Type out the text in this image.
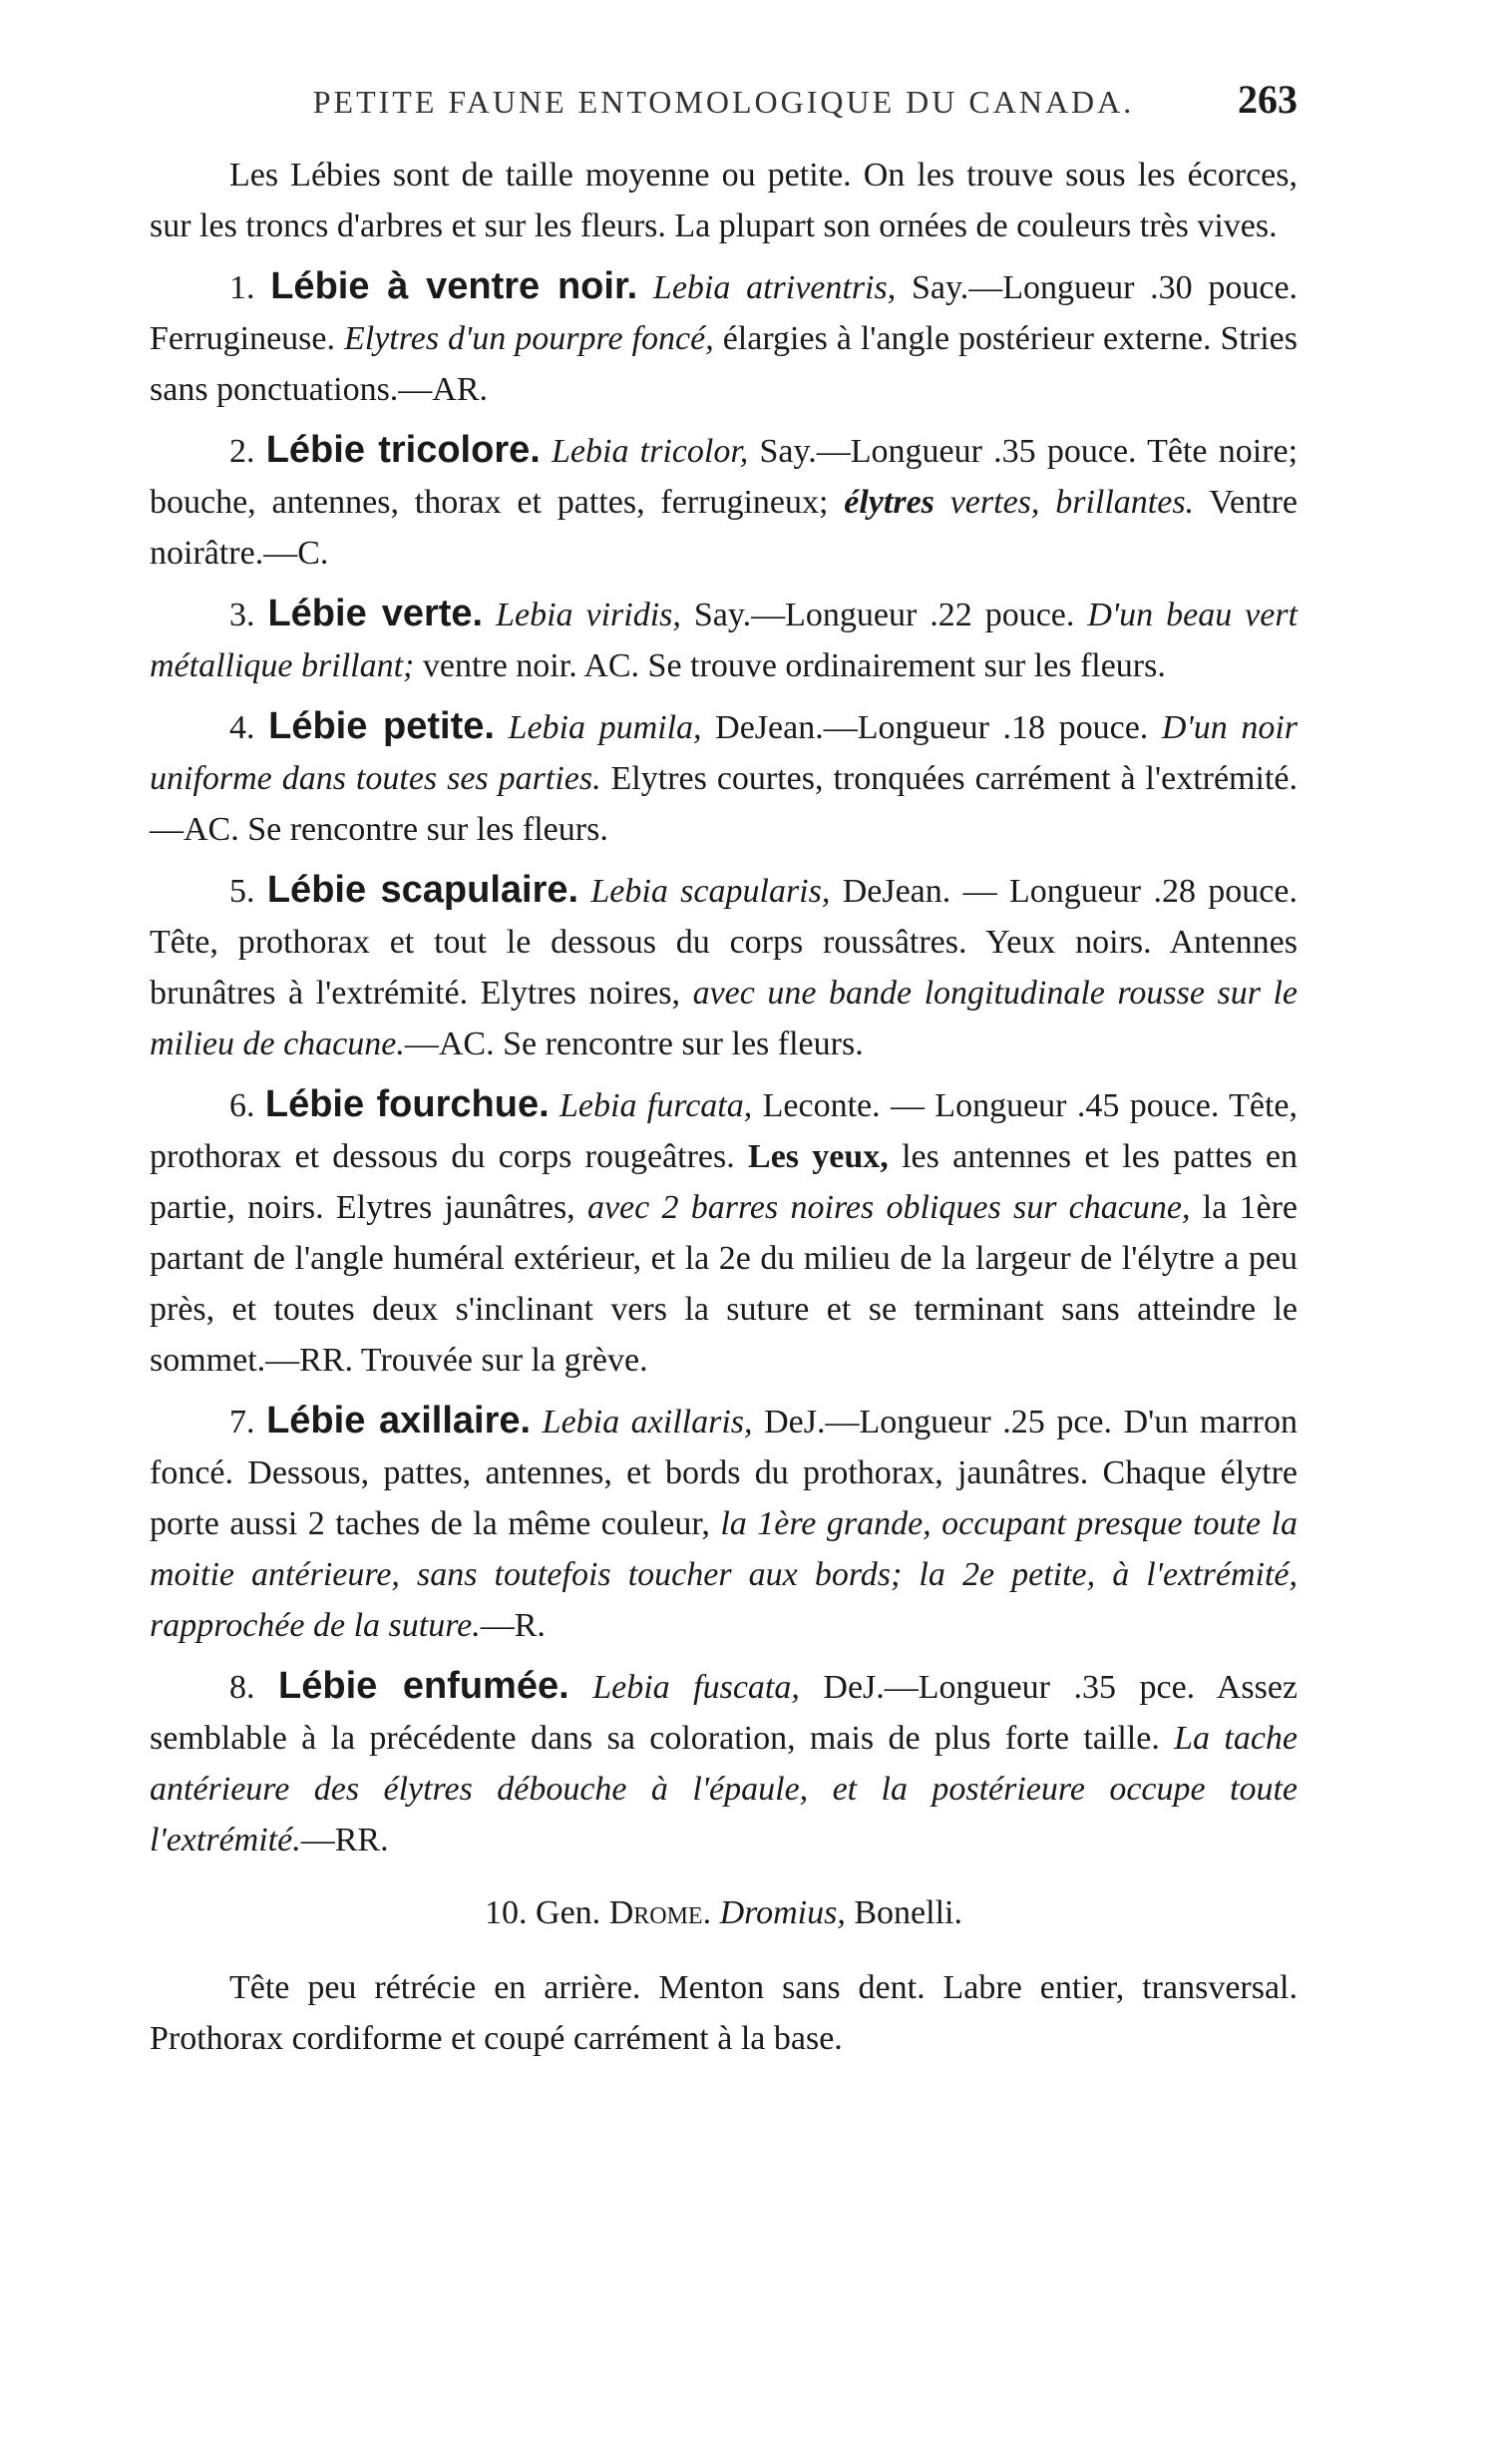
PETITE FAUNE ENTOMOLOGIQUE DU CANADA.	263

Les Lébies sont de taille moyenne ou petite. On les trouve sous les écorces, sur les troncs d'arbres et sur les fleurs. La plupart son ornées de couleurs très vives.

1. Lébie à ventre noir. Lebia atriventris, Say.—Longueur .30 pouce. Ferrugineuse. Elytres d'un pourpre foncé, élargies à l'angle postérieur externe. Stries sans ponctuations.—AR.

2. Lébie tricolore. Lebia tricolor, Say.—Longueur .35 pouce. Tête noire; bouche, antennes, thorax et pattes, ferrugineux; élytres vertes, brillantes. Ventre noirâtre.—C.

3. Lébie verte. Lebia viridis, Say.—Longueur .22 pouce. D'un beau vert métallique brillant; ventre noir. AC. Se trouve ordinairement sur les fleurs.

4. Lébie petite. Lebia pumila, DeJean.—Longueur .18 pouce. D'un noir uniforme dans toutes ses parties. Elytres courtes, tronquées carrément à l'extrémité.—AC. Se rencontre sur les fleurs.

5. Lébie scapulaire. Lebia scapularis, DeJean. — Longueur .28 pouce. Tête, prothorax et tout le dessous du corps roussâtres. Yeux noirs. Antennes brunâtres à l'extrémité. Elytres noires, avec une bande longitudinale rousse sur le milieu de chacune.—AC. Se rencontre sur les fleurs.

6. Lébie fourchue. Lebia furcata, Leconte. — Longueur .45 pouce. Tête, prothorax et dessous du corps rougeâtres. Les yeux, les antennes et les pattes en partie, noirs. Elytres jaunâtres, avec 2 barres noires obliques sur chacune, la 1ère partant de l'angle huméral extérieur, et la 2e du milieu de la largeur de l'élytre a peu près, et toutes deux s'inclinant vers la suture et se terminant sans atteindre le sommet.—RR. Trouvée sur la grève.

7. Lébie axillaire. Lebia axillaris, DeJ.—Longueur .25 pce. D'un marron foncé. Dessous, pattes, antennes, et bords du prothorax, jaunâtres. Chaque élytre porte aussi 2 taches de la même couleur, la 1ère grande, occupant presque toute la moitie antérieure, sans toutefois toucher aux bords; la 2e petite, à l'extrémité, rapprochée de la suture.—R.

8. Lébie enfumée. Lebia fuscata, DeJ.—Longueur .35 pce. Assez semblable à la précédente dans sa coloration, mais de plus forte taille. La tache antérieure des élytres débouche à l'épaule, et la postérieure occupe toute l'extrémité.—RR.

10. Gen. Drome. Dromius, Bonelli.

Tête peu rétrécie en arrière. Menton sans dent. Labre entier, transversal. Prothorax cordiforme et coupé carrément à la base.
